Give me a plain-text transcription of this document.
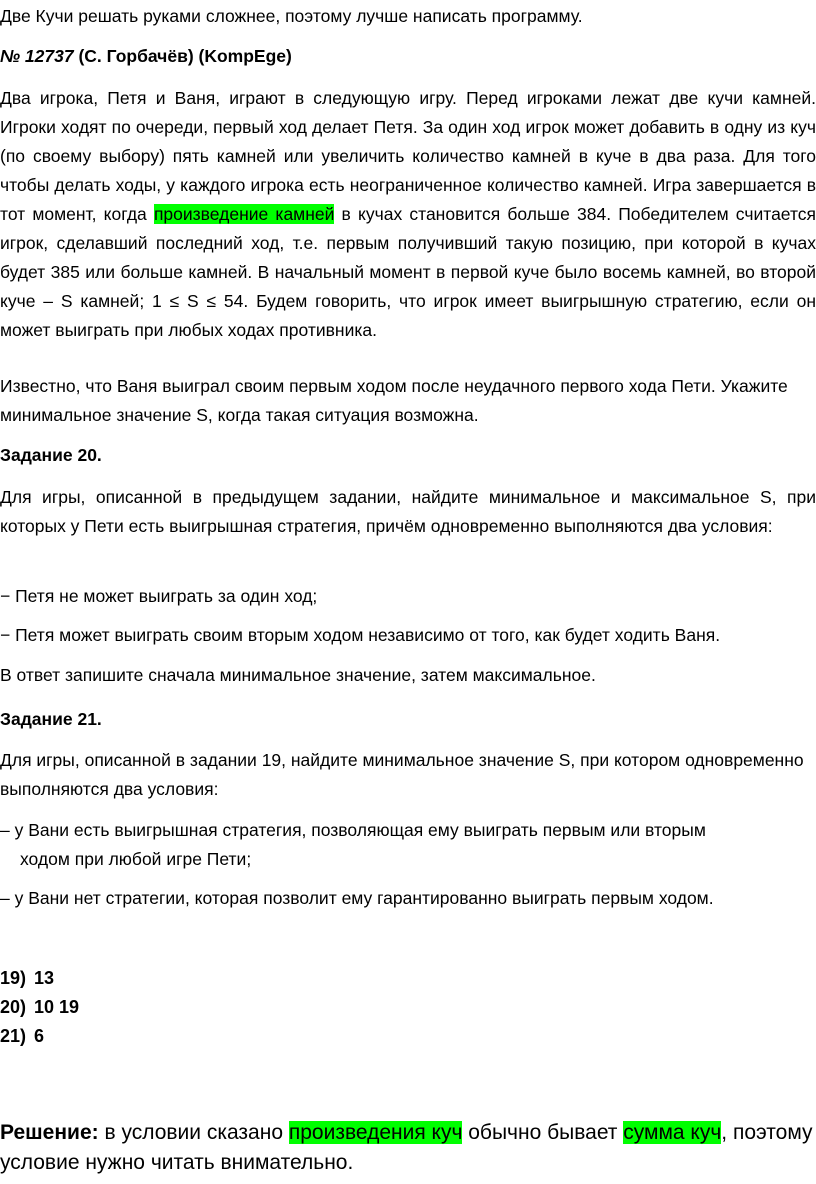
Две Кучи решать руками сложнее, поэтому лучше написать программу.

№ 12737 (С. Горбачёв) (KompEge)

Два игрока, Петя и Ваня, играют в следующую игру. Перед игроками лежат две кучи камней. Игроки ходят по очереди, первый ход делает Петя. За один ход игрок может добавить в одну из куч (по своему выбору) пять камней или увеличить количество камней в куче в два раза. Для того чтобы делать ходы, у каждого игрока есть неограниченное количество камней. Игра завершается в тот момент, когда произведение камней в кучах становится больше 384. Победителем считается игрок, сделавший последний ход, т.е. первым получивший такую позицию, при которой в кучах будет 385 или больше камней. В начальный момент в первой куче было восемь камней, во второй куче – S камней; 1 ≤ S ≤ 54. Будем говорить, что игрок имеет выигрышную стратегию, если он может выиграть при любых ходах противника.

Известно, что Ваня выиграл своим первым ходом после неудачного первого хода Пети. Укажите минимальное значение S, когда такая ситуация возможна.

Задание 20.

Для игры, описанной в предыдущем задании, найдите минимальное и максимальное S, при которых у Пети есть выигрышная стратегия, причём одновременно выполняются два условия:

− Петя не может выиграть за один ход;

− Петя может выиграть своим вторым ходом независимо от того, как будет ходить Ваня.

В ответ запишите сначала минимальное значение, затем максимальное.

Задание 21.

Для игры, описанной в задании 19, найдите минимальное значение S, при котором одновременно выполняются два условия:

– у Вани есть выигрышная стратегия, позволяющая ему выиграть первым или вторым

ходом при любой игре Пети;

– у Вани нет стратегии, которая позволит ему гарантированно выиграть первым ходом.

19) 13
20) 10 19
21) 6

Решение: в условии сказано произведения куч обычно бывает сумма куч, поэтому условие нужно читать внимательно.
